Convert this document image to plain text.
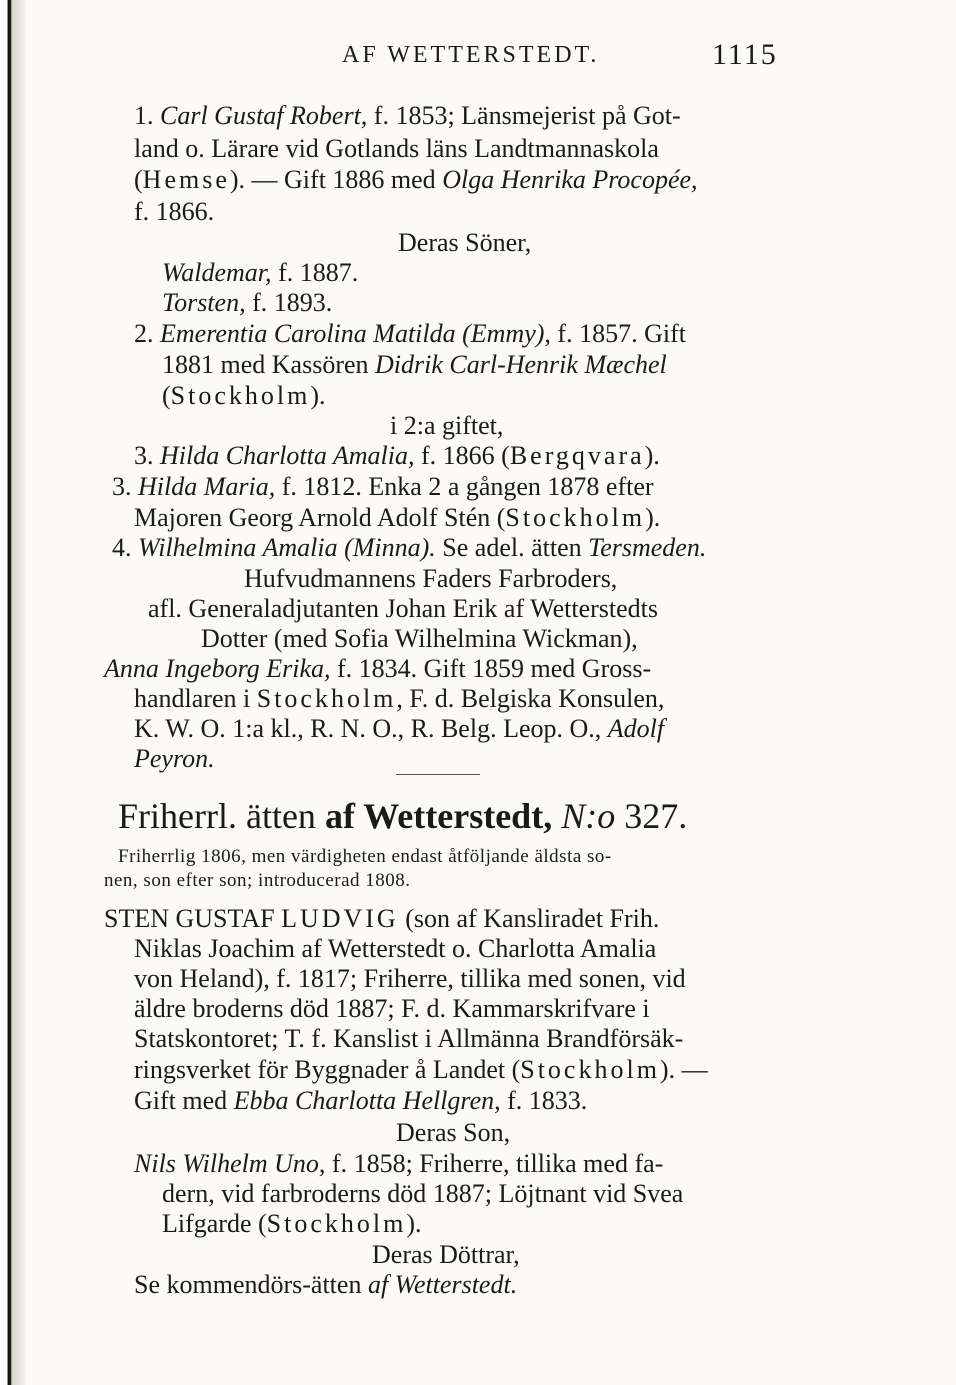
AF WETTERSTEDT.	1115
1. Carl Gustaf Robert, f. 1853; Länsmejerist på Got-
land o. Lärare vid Gotlands läns Landtmannaskola
(Hemse). — Gift 1886 med Olga Henrika Procopée,
f. 1866.
Deras Söner,
Waldemar, f. 1887.
Torsten, f. 1893.
2. Emerentia Carolina Matilda (Emmy), f. 1857. Gift
1881 med Kassören Didrik Carl-Henrik Mæchel
(Stockholm).
i 2:a giftet,
3. Hilda Charlotta Amalia, f. 1866 (Bergqvara).
3. Hilda Maria, f. 1812. Enka 2 a gången 1878 efter
Majoren Georg Arnold Adolf Stén (Stockholm).
4. Wilhelmina Amalia (Minna). Se adel. ätten Tersmeden.
Hufvudmannens Faders Farbroders,
afl. Generaladjutanten Johan Erik af Wetterstedts
Dotter (med Sofia Wilhelmina Wickman),
Anna Ingeborg Erika, f. 1834. Gift 1859 med Gross-
handlaren i Stockholm, F. d. Belgiska Konsulen,
K. W. O. 1:a kl., R. N. O., R. Belg. Leop. O., Adolf
Peyron.
Friherrl. ätten af Wetterstedt, N:o 327.
Friherrlig 1806, men värdigheten endast åtföljande äldsta so-
nen, son efter son; introducerad 1808.
STEN GUSTAF LUDVIG (son af Kansliradet Frih.
Niklas Joachim af Wetterstedt o. Charlotta Amalia
von Heland), f. 1817; Friherre, tillika med sonen, vid
äldre broderns död 1887; F. d. Kammarskrifvare i
Statskontoret; T. f. Kanslist i Allmänna Brandförsäk-
ringsverket för Byggnader å Landet (Stockholm). —
Gift med Ebba Charlotta Hellgren, f. 1833.
Deras Son,
Nils Wilhelm Uno, f. 1858; Friherre, tillika med fa-
dern, vid farbroderns död 1887; Löjtnant vid Svea
Lifgarde (Stockholm).
Deras Döttrar,
Se kommendörs-ätten af Wetterstedt.
